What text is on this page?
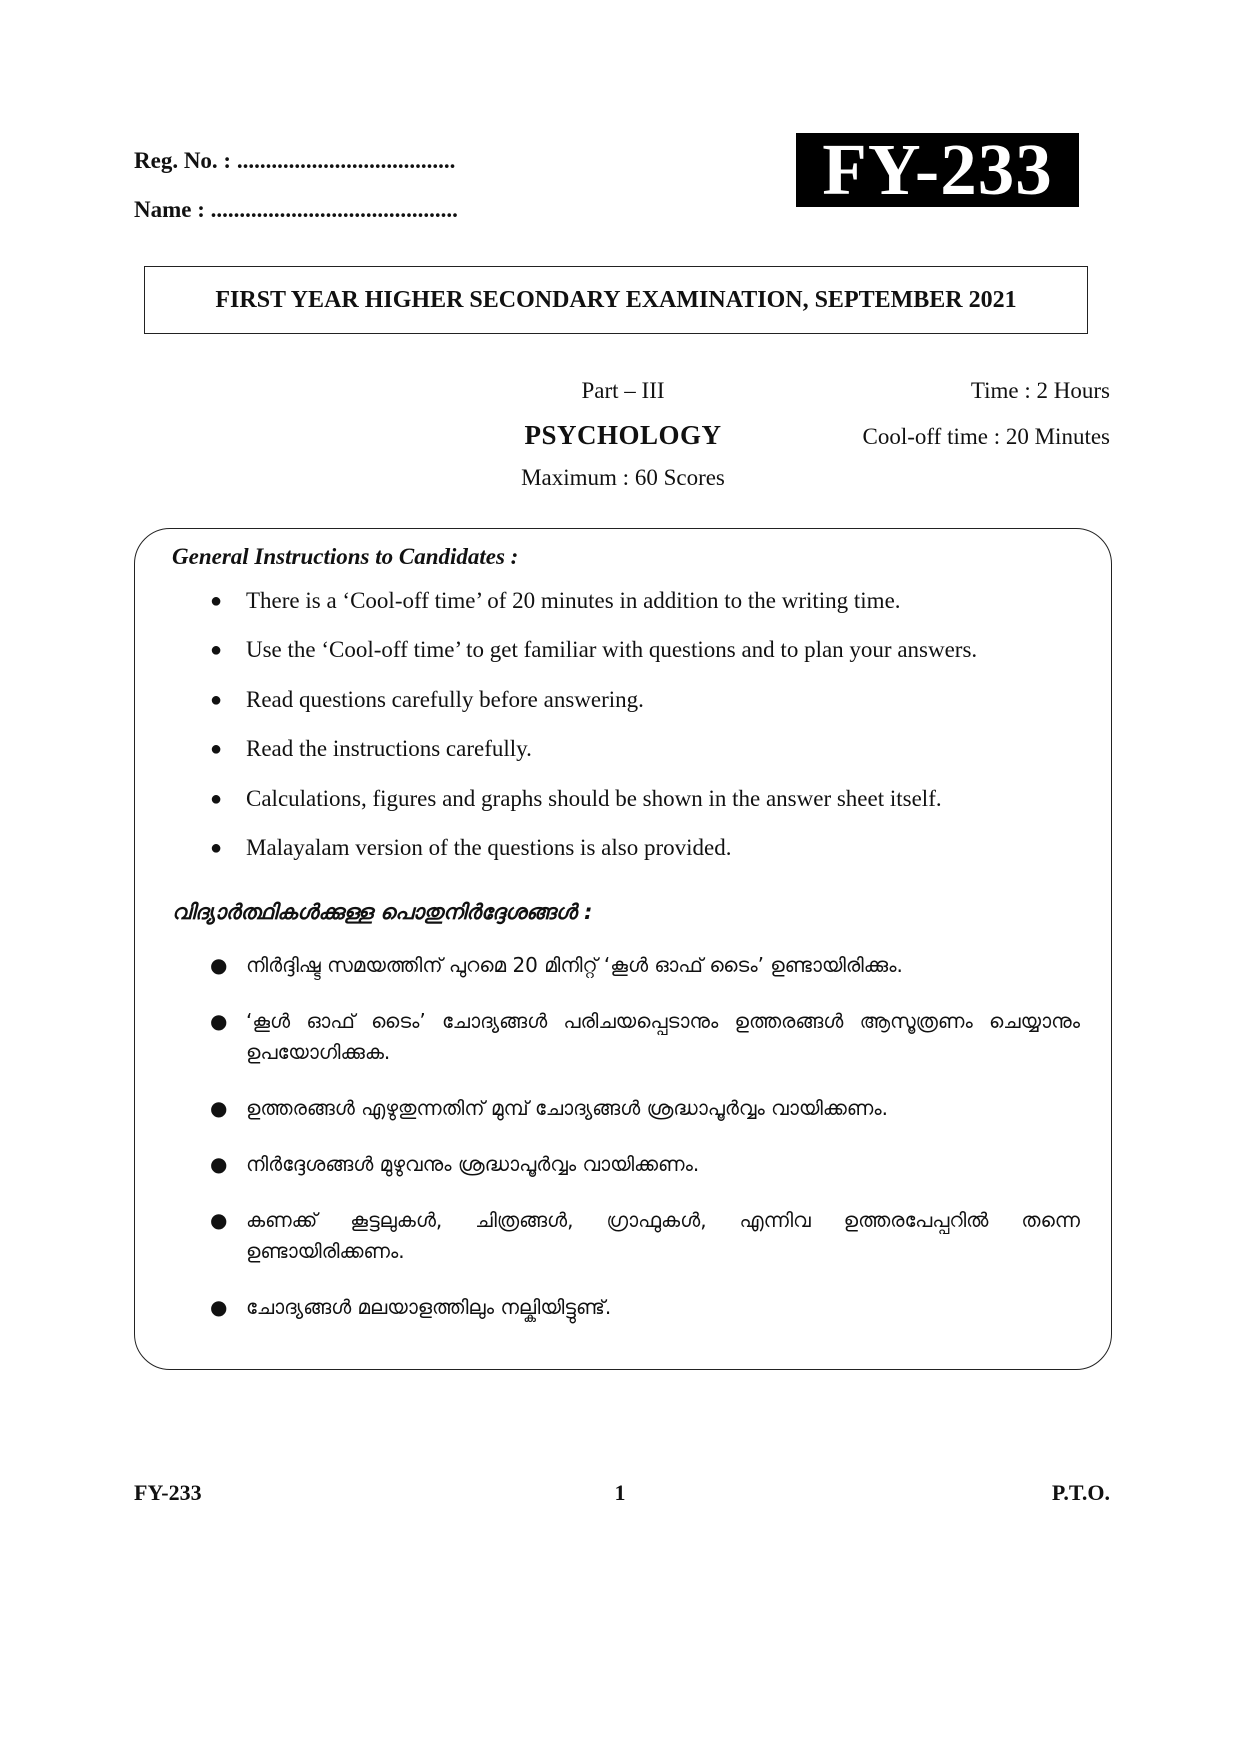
Reg. No. : ......................................
Name : ...........................................	FY-233
FIRST YEAR HIGHER SECONDARY EXAMINATION, SEPTEMBER 2021
Part – III
PSYCHOLOGY
Maximum : 60 Scores
Time : 2 Hours
Cool-off time : 20 Minutes
General Instructions to Candidates :
● There is a ‘Cool-off time’ of 20 minutes in addition to the writing time.
● Use the ‘Cool-off time’ to get familiar with questions and to plan your answers.
● Read questions carefully before answering.
● Read the instructions carefully.
● Calculations, figures and graphs should be shown in the answer sheet itself.
● Malayalam version of the questions is also provided.
വിദ്യാർത്ഥികൾക്കുള്ള പൊതുനിർദ്ദേശങ്ങൾ :
● നിർദ്ദിഷ്ട സമയത്തിന് പുറമെ 20 മിനിറ്റ് ‘കൂൾ ഓഫ് ടൈം’ ഉണ്ടായിരിക്കും.
● ‘കൂൾ ഓഫ് ടൈം’ ചോദ്യങ്ങൾ പരിചയപ്പെടാനും ഉത്തരങ്ങൾ ആസൂത്രണം ചെയ്യാനും ഉപയോഗിക്കുക.
● ഉത്തരങ്ങൾ എഴുതുന്നതിന് മുമ്പ് ചോദ്യങ്ങൾ ശ്രദ്ധാപൂർവ്വം വായിക്കണം.
● നിർദ്ദേശങ്ങൾ മുഴുവനും ശ്രദ്ധാപൂർവ്വം വായിക്കണം.
● കണക്ക് കൂട്ടലുകൾ, ചിത്രങ്ങൾ, ഗ്രാഫുകൾ, എന്നിവ ഉത്തരപേപ്പറിൽ തന്നെ ഉണ്ടായിരിക്കണം.
● ചോദ്യങ്ങൾ മലയാളത്തിലും നല്കിയിട്ടുണ്ട്.
FY-233	1	P.T.O.
